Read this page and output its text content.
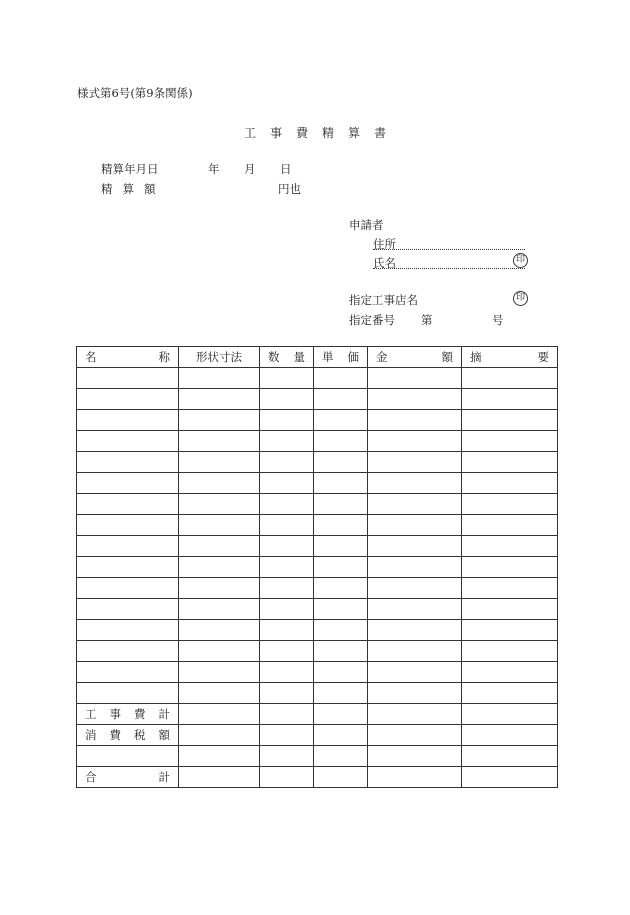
様式第6号(第9条関係)
工事費精算書
精算年月日	年 月 日
精算額	円也
申請者
住所
氏名	印
指定工事店名	印
指定番号 第	号
名 称	形状寸法	数 量	単 価	金 額	摘 要

工 事 費 計					

消 費 税 額					

合 計					
